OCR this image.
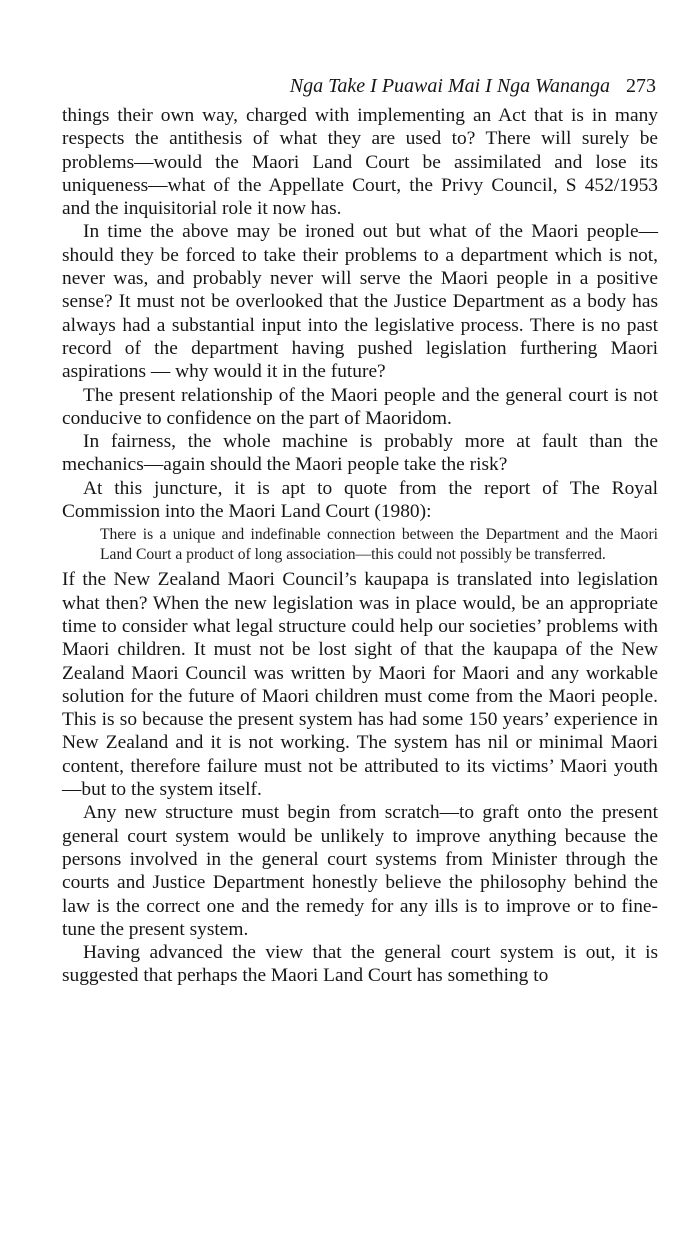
Nga Take I Puawai Mai I Nga Wananga 273

things their own way, charged with implementing an Act that is in many respects the antithesis of what they are used to? There will surely be problems—would the Maori Land Court be assimilated and lose its uniqueness—what of the Appellate Court, the Privy Council, S 452/1953 and the inquisitorial role it now has.

In time the above may be ironed out but what of the Maori people—should they be forced to take their problems to a department which is not, never was, and probably never will serve the Maori people in a positive sense? It must not be overlooked that the Justice Department as a body has always had a substantial input into the legislative process. There is no past record of the department having pushed legislation furthering Maori aspirations — why would it in the future?

The present relationship of the Maori people and the general court is not conducive to confidence on the part of Maoridom.

In fairness, the whole machine is probably more at fault than the mechanics—again should the Maori people take the risk?

At this juncture, it is apt to quote from the report of The Royal Commission into the Maori Land Court (1980):

There is a unique and indefinable connection between the Department and the Maori Land Court a product of long association—this could not possibly be transferred.

If the New Zealand Maori Council’s kaupapa is translated into legislation what then? When the new legislation was in place would, be an appropriate time to consider what legal structure could help our societies’ problems with Maori children. It must not be lost sight of that the kaupapa of the New Zealand Maori Council was written by Maori for Maori and any workable solution for the future of Maori children must come from the Maori people. This is so because the present system has had some 150 years’ experience in New Zealand and it is not working. The system has nil or minimal Maori content, therefore failure must not be attributed to its victims’ Maori youth—but to the system itself.

Any new structure must begin from scratch—to graft onto the present general court system would be unlikely to improve anything because the persons involved in the general court systems from Minister through the courts and Justice Department honestly believe the philosophy behind the law is the correct one and the remedy for any ills is to improve or to fine-tune the present system.

Having advanced the view that the general court system is out, it is suggested that perhaps the Maori Land Court has something to
